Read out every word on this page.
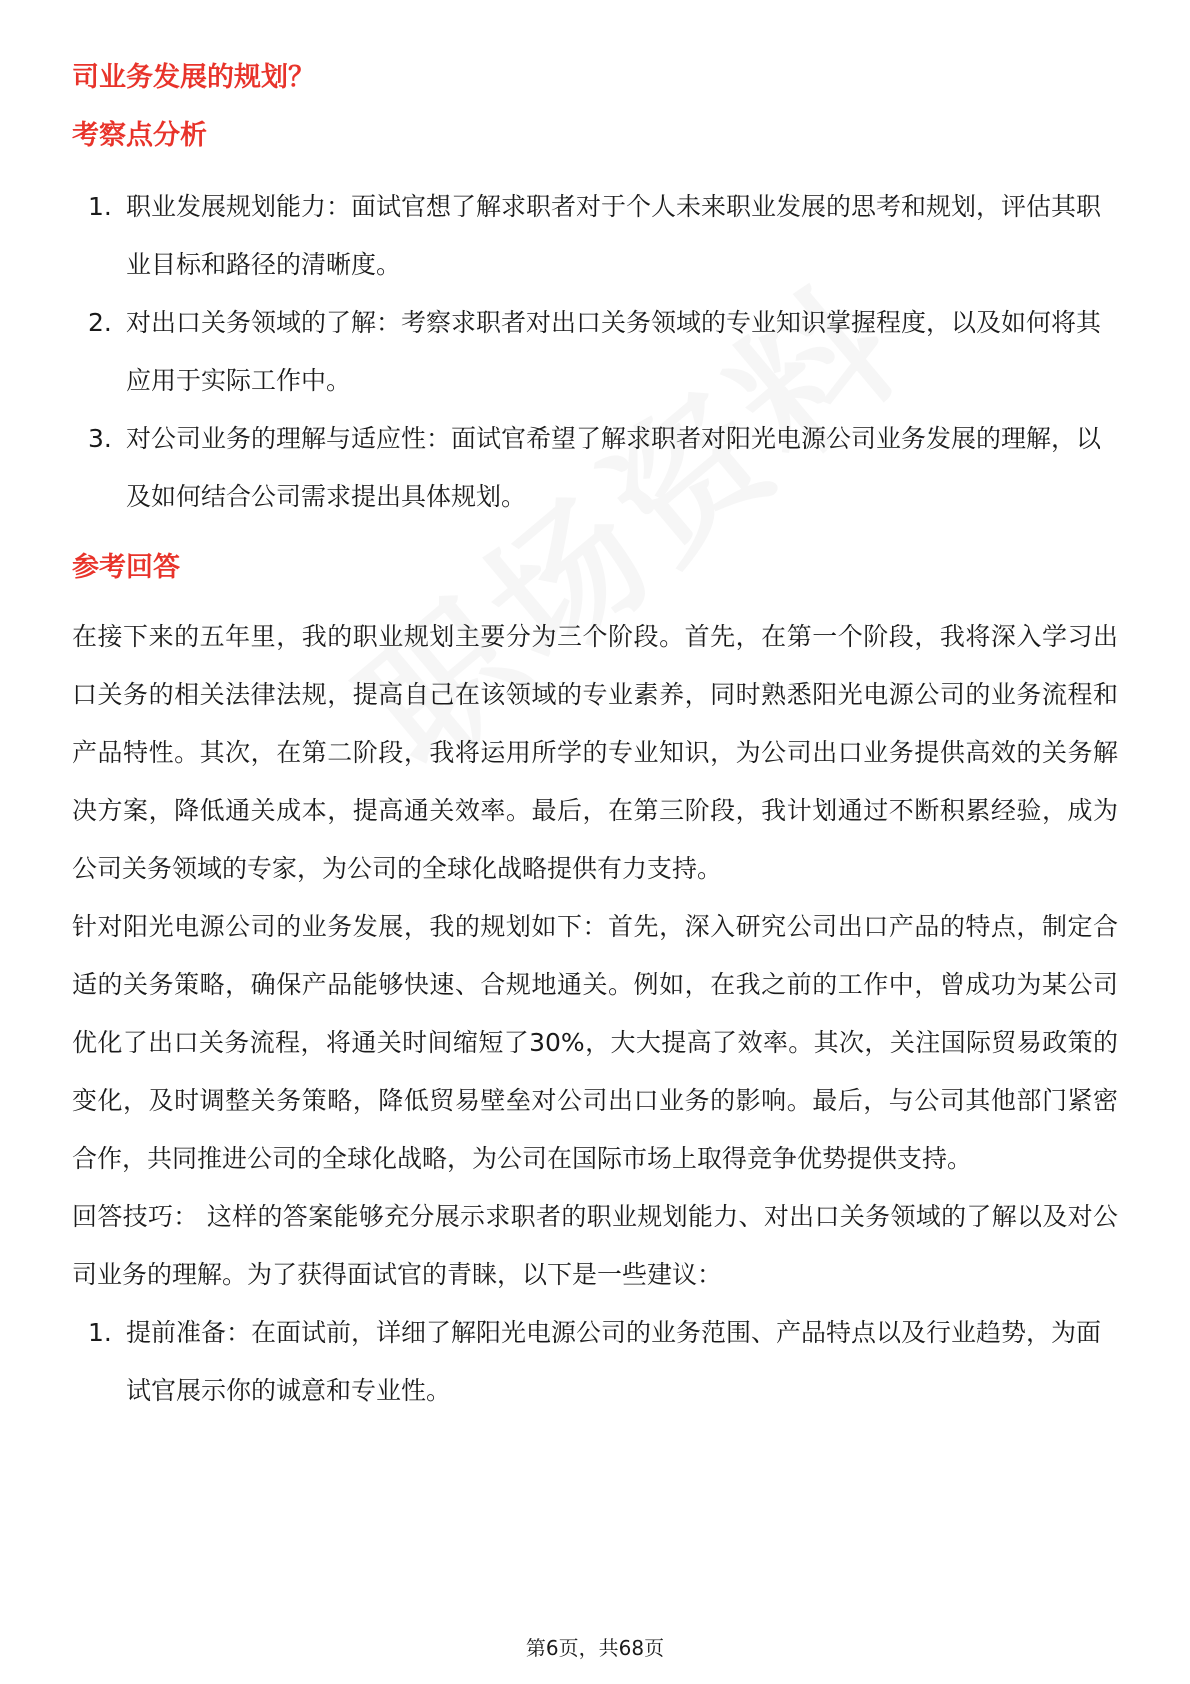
司业务发展的规划？
考察点分析
1. 职业发展规划能力：面试官想了解求职者对于个人未来职业发展的思考和规划，评估其职业目标和路径的清晰度。
2. 对出口关务领域的了解：考察求职者对出口关务领域的专业知识掌握程度，以及如何将其应用于实际工作中。
3. 对公司业务的理解与适应性：面试官希望了解求职者对阳光电源公司业务发展的理解，以及如何结合公司需求提出具体规划。
参考回答

在接下来的五年里，我的职业规划主要分为三个阶段。首先，在第一个阶段，我将深入学习出口关务的相关法律法规，提高自己在该领域的专业素养，同时熟悉阳光电源公司的业务流程和产品特性。其次，在第二阶段，我将运用所学的专业知识，为公司出口业务提供高效的关务解决方案，降低通关成本，提高通关效率。最后，在第三阶段，我计划通过不断积累经验，成为公司关务领域的专家，为公司的全球化战略提供有力支持。

针对阳光电源公司的业务发展，我的规划如下：首先，深入研究公司出口产品的特点，制定合适的关务策略，确保产品能够快速、合规地通关。例如，在我之前的工作中，曾成功为某公司优化了出口关务流程，将通关时间缩短了30%，大大提高了效率。其次，关注国际贸易政策的变化，及时调整关务策略，降低贸易壁垒对公司出口业务的影响。最后，与公司其他部门紧密合作，共同推进公司的全球化战略，为公司在国际市场上取得竞争优势提供支持。

回答技巧： 这样的答案能够充分展示求职者的职业规划能力、对出口关务领域的了解以及对公司业务的理解。为了获得面试官的青睐，以下是一些建议：

1. 提前准备：在面试前，详细了解阳光电源公司的业务范围、产品特点以及行业趋势，为面试官展示你的诚意和专业性。
第6页，共68页
